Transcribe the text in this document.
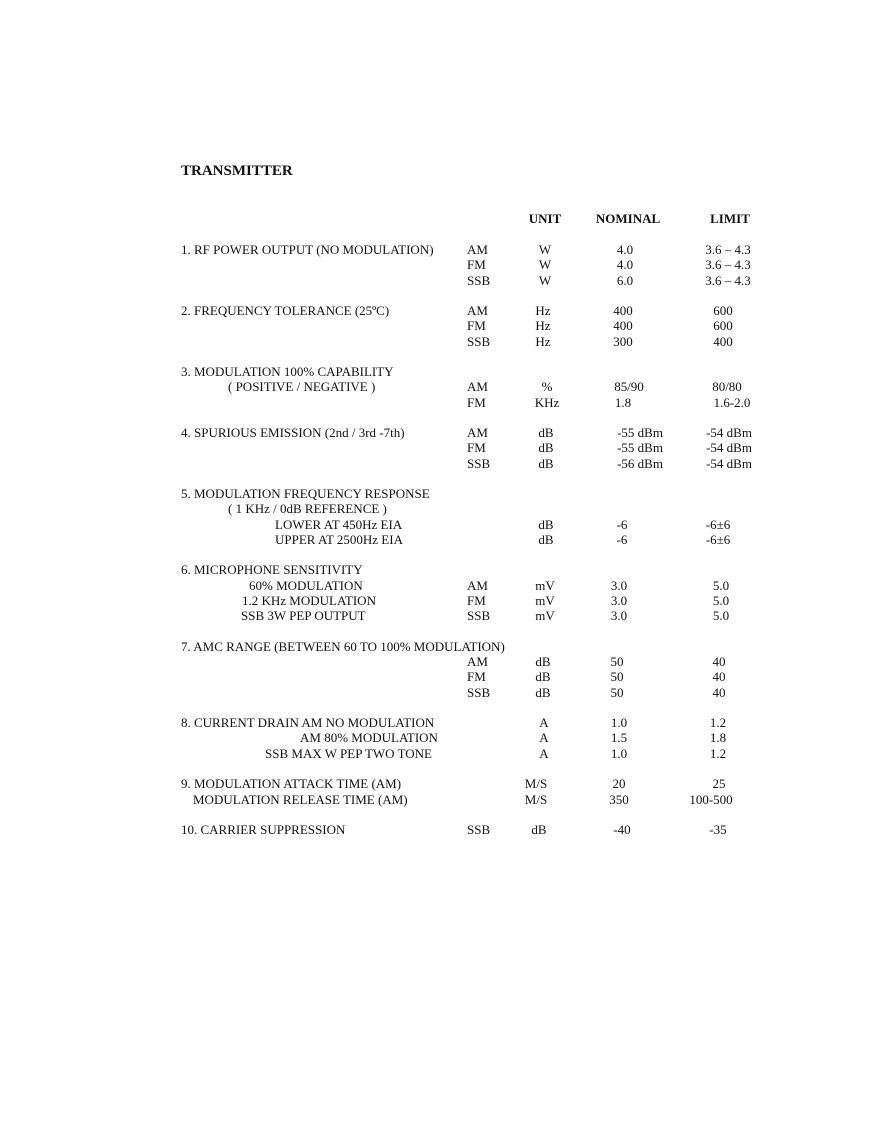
TRANSMITTER
UNIT	NOMINAL	LIMIT
1. RF POWER OUTPUT (NO MODULATION)	AM	W	4.0	3.6 – 4.3
FM	W	4.0	3.6 – 4.3
SSB	W	6.0	3.6 – 4.3
2. FREQUENCY TOLERANCE (25ºC)	AM	Hz	400	600
FM	Hz	400	600
SSB	Hz	300	400
3. MODULATION 100% CAPABILITY
( POSITIVE / NEGATIVE )	AM	%	85/90	80/80
FM	KHz	1.8	1.6-2.0
4. SPURIOUS EMISSION (2nd / 3rd -7th)	AM	dB	-55 dBm	-54 dBm
FM	dB	-55 dBm	-54 dBm
SSB	dB	-56 dBm	-54 dBm
5. MODULATION FREQUENCY RESPONSE
( 1 KHz / 0dB REFERENCE )
LOWER AT 450Hz EIA	dB	-6	-6±6
UPPER AT 2500Hz EIA	dB	-6	-6±6
6. MICROPHONE SENSITIVITY
60% MODULATION	AM	mV	3.0	5.0
1.2 KHz MODULATION	FM	mV	3.0	5.0
SSB 3W PEP OUTPUT	SSB	mV	3.0	5.0
7. AMC RANGE (BETWEEN 60 TO 100% MODULATION)
AM	dB	50	40
FM	dB	50	40
SSB	dB	50	40
8. CURRENT DRAIN AM NO MODULATION	A	1.0	1.2
AM 80% MODULATION	A	1.5	1.8
SSB MAX W PEP TWO TONE	A	1.0	1.2
9. MODULATION ATTACK TIME (AM)	M/S	20	25
MODULATION RELEASE TIME (AM)	M/S	350	100-500
10. CARRIER SUPPRESSION	SSB	dB	-40	-35
